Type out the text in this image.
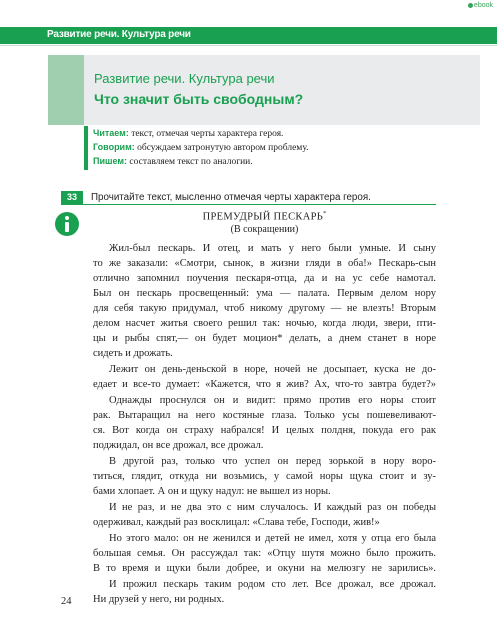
ebook
Развитие речи. Культура речи
Развитие речи. Культура речи
Что значит быть свободным?
Читаем: текст, отмечая черты характера героя.
Говорим: обсуждаем затронутую автором проблему.
Пишем: составляем текст по аналогии.
33	Прочитайте текст, мысленно отмечая черты характера героя.
ПРЕМУДРЫЙ ПЕСКАРЬ*
(В сокращении)
Жил-был пескарь. И отец, и мать у него были умные. И сыну
то же заказали: «Смотри, сынок, в жизни гляди в оба!» Пескарь-сын
отлично запомнил поучения пескаря-отца, да и на ус себе намотал.
Был он пескарь просвещенный: ума — палата. Первым делом нору
для себя такую придумал, чтоб никому другому — не влезть! Вторым
делом насчет житья своего решил так: ночью, когда люди, звери, пти-
цы и рыбы спят,— он будет моцион* делать, а днем станет в норе
сидеть и дрожать.
Лежит он день-деньской в норе, ночей не досыпает, куска не до-
едает и все-то думает: «Кажется, что я жив? Ах, что-то завтра будет?»
Однажды проснулся он и видит: прямо против его норы стоит
рак. Вытаращил на него костяные глаза. Только усы пошевеливают-
ся. Вот когда он страху набрался! И целых полдня, покуда его рак
поджидал, он все дрожал, все дрожал.
В другой раз, только что успел он перед зорькой в нору воро-
титься, глядит, откуда ни возьмись, у самой норы щука стоит и зу-
бами хлопает. А он и щуку надул: не вышел из норы.
И не раз, и не два это с ним случалось. И каждый раз он победы
одерживал, каждый раз восклицал: «Слава тебе, Господи, жив!»
Но этого мало: он не женился и детей не имел, хотя у отца его была
большая семья. Он рассуждал так: «Отцу шутя можно было прожить.
В то время и щуки были добрее, и окуни на мелюзгу не зарились».
И прожил пескарь таким родом сто лет. Все дрожал, все дрожал.
Ни друзей у него, ни родных.
24
